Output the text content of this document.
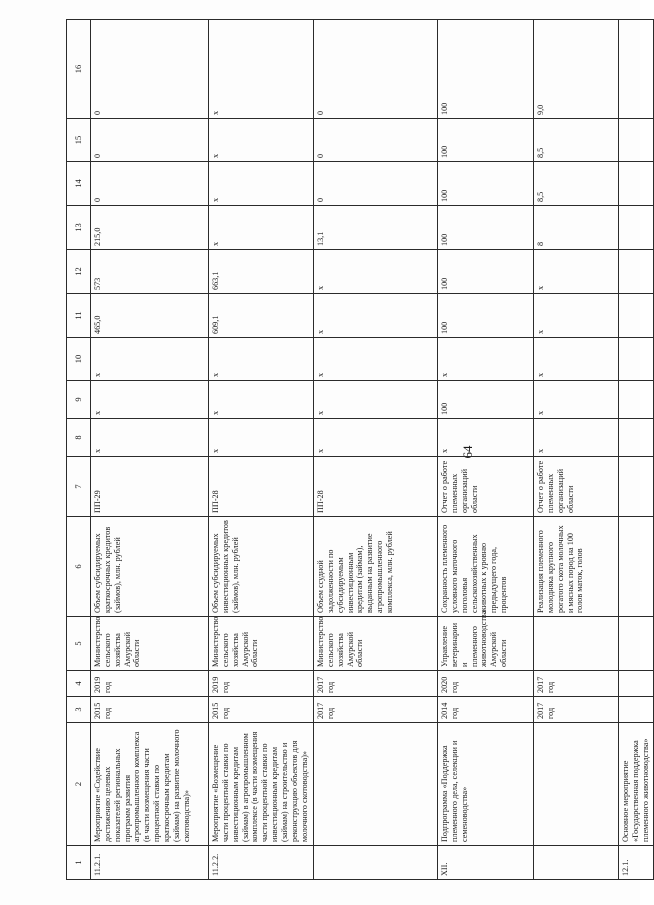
64
1	2	3	4	5	6	7	8	9	10	11	12	13	14	15	16
11.2.1.	Мероприятие «Содействие достижению целевых показателей региональных программ развития агропромышленного комплекса (в части возмещения части процентной ставки по краткосрочным кредитам (займам) на развитие молочного скотоводства)»	2015 год	2019 год	Министерство сельского хозяйства Амурской области	Объем субсидируемых краткосрочных кредитов (займов), млн. рублей	ПП-29	x	x	x	465,0	573	215,0	0	0	0
11.2.2.	Мероприятие «Возмещение части процентной ставки по инвестиционным кредитам (займам) в агропромышленном комплексе (в части возмещения части процентной ставки по инвестиционным кредитам (займам) на строительство и реконструкцию объектов для молочного скотоводства)»	2015 год	2019 год	Министерство сельского хозяйства Амурской области	Объем субсидируемых инвестиционных кредитов (займов), млн. рублей	ПП-28	x	x	x	609,1	663,1	x	x	x	x
		2017 год	2017 год	Министерство сельского хозяйства Амурской области	Объем ссудной задолженности по субсидируемым инвестиционным кредитам (займам), выданным на развитие агропромышленного комплекса, млн. рублей	ПП-28	x	x	x	x	x	13,1	0	0	0
XII.	Подпрограмма «Поддержка племенного дела, селекции и семеноводства»	2014 год	2020 год	Управление ветеринарии и племенного животноводства Амурской области	Сохранность племенного условного маточного поголовья сельскохозяйственных животных к уровню предыдущего года, процентов	Отчет о работе племенных организаций области	x	100	x	100	100	100	100	100	100
		2017 год	2017 год		Реализация племенного молодняка крупного рогатого скота молочных и мясных пород на 100 голов маток, голов	Отчет о работе племенных организаций области	x	x	x	x	x	8	8,5	8,5	9,0
12.1.	Основное мероприятие «Государственная поддержка племенного животноводства»														
